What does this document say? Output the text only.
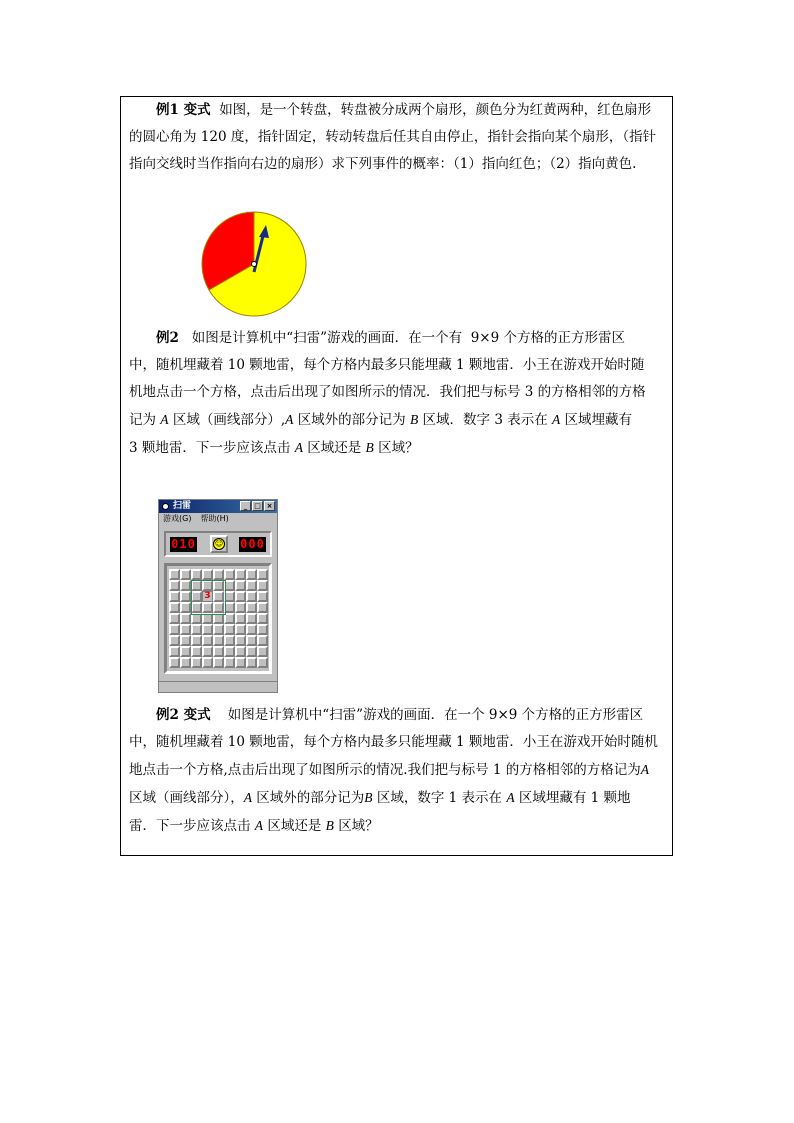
例1 变式 如图，是一个转盘，转盘被分成两个扇形，颜色分为红黄两种，红色扇形
的圆心角为 120 度，指针固定，转动转盘后任其自由停止，指针会指向某个扇形，（指针
指向交线时当作指向右边的扇形）求下列事件的概率：（1）指向红色；（2）指向黄色.
例2 如图是计算机中“扫雷”游戏的画面．在一个有 9×9 个方格的正方形雷区
中，随机埋藏着 10 颗地雷，每个方格内最多只能埋藏 1 颗地雷．小王在游戏开始时随
机地点击一个方格，点击后出现了如图所示的情况．我们把与标号 3 的方格相邻的方格
记为 A 区域（画线部分）,A 区域外的部分记为 B 区域．数字 3 表示在 A 区域埋藏有
3 颗地雷．下一步应该点击 A 区域还是 B 区域？
扫雷	_ □ ×
游戏(G) 帮助(H)
010 ☺ 000
3
例2 变式 如图是计算机中“扫雷”游戏的画面．在一个 9×9 个方格的正方形雷区
中，随机埋藏着 10 颗地雷，每个方格内最多只能埋藏 1 颗地雷．小王在游戏开始时随机
地点击一个方格,点击后出现了如图所示的情况.我们把与标号 1 的方格相邻的方格记为A
区域（画线部分），A 区域外的部分记为B 区域，数字 1 表示在 A 区域埋藏有 1 颗地
雷．下一步应该点击 A 区域还是 B 区域？
